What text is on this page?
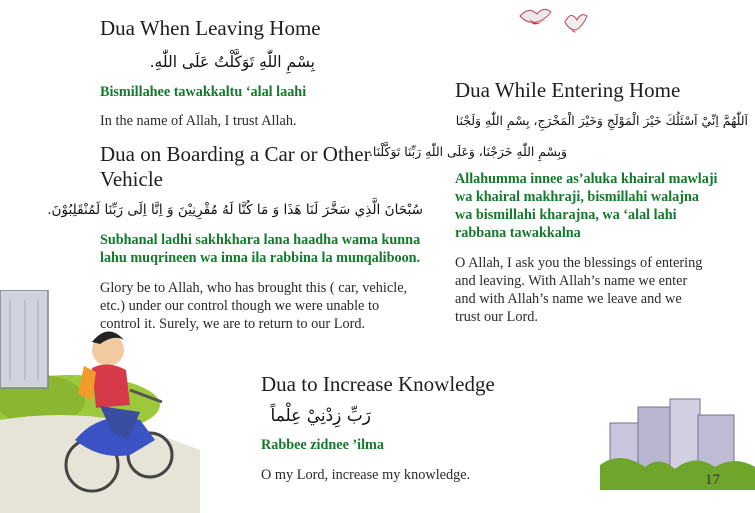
Dua When Leaving Home
بِسْمِ اللّٰهِ تَوَكَّلْتُ عَلَى اللّٰهِ.
Bismillahee tawakkaltu ‘alal laahi
In the name of Allah, I trust Allah.
Dua on Boarding a Car or Other
Vehicle
سُبْحَانَ الَّذِي سَخَّرَ لَنَا هَذَا وَ مَا كُنَّا لَهُ مُقْرِنِيْنَ وَ اِنَّا اِلَى رَبِّنَا لَمُنْقَلِبُوْنَ.
Subhanal ladhi sakhkhara lana haadha wama kunna
lahu muqrineen wa inna ila rabbina la munqaliboon.
Glory be to Allah, who has brought this ( car, vehicle,
etc.) under our control though we were unable to
control it. Surely, we are to return to our Lord.
Dua While Entering Home
اَللّٰهُمَّ اِنِّيْ اَسْئَلُكَ خَيْرَ الْمَوْلَجِ وَخَيْرَ الْمَخْرَجِ، بِسْمِ اللّٰهِ وَلَجْنَا
وَبِسْمِ اللّٰهِ خَرَجْنَا، وَعَلَى اللّٰهِ رَبِّنَا تَوَكَّلْنَا.
Allahumma innee as’aluka khairal mawlaji
wa khairal makhraji, bismillahi walajna
wa bismillahi kharajna, wa ‘alal lahi
rabbana tawakkalna
O Allah, I ask you the blessings of entering
and leaving. With Allah’s name we enter
and with Allah’s name we leave and we
trust our Lord.
Dua to Increase Knowledge
رَبِّ زِدْنِيْ عِلْماً
Rabbee zidnee ’ilma
O my Lord, increase my knowledge.	17
